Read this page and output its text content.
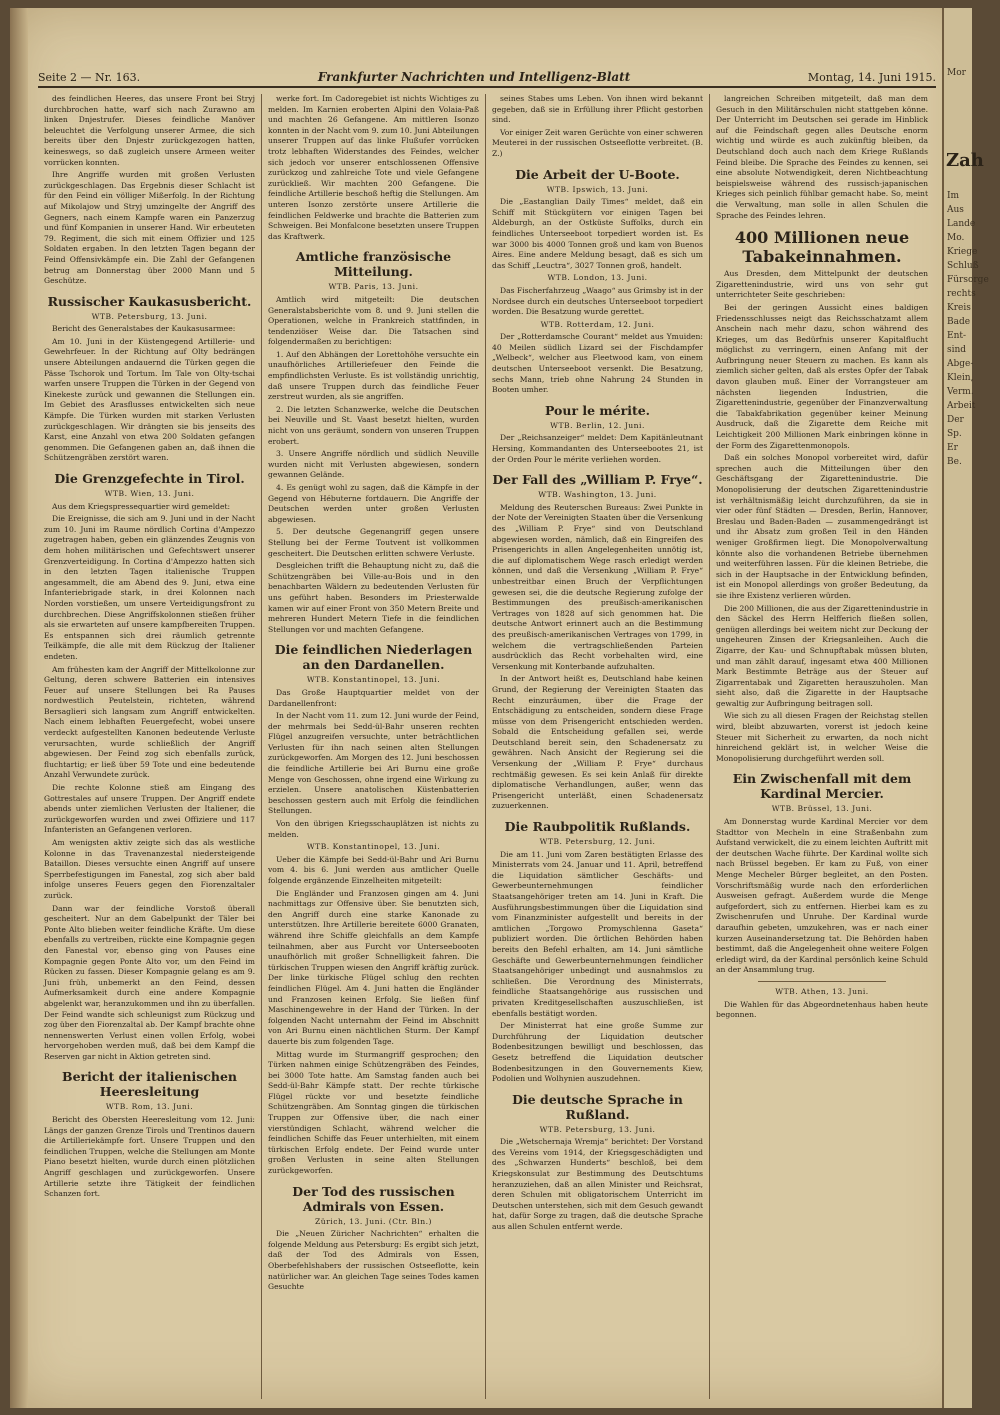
Seite 2 — Nr. 163.	Frankfurter Nachrichten und Intelligenz-Blatt	Montag, 14. Juni 1915.

des feindlichen Heeres, das unsere Front bei Stryj durchbrochen hatte, warf sich nach Zurawno am linken Dnjestrufer. Dieses feindliche Manöver beleuchtet die Verfolgung unserer Armee, die sich bereits über den Dnjestr zurückgezogen hatten, keineswegs, so daß zugleich unsere Armeen weiter vorrücken konnten.

Ihre Angriffe wurden mit großen Verlusten zurückgeschlagen. Das Ergebnis dieser Schlacht ist für den Feind ein völliger Mißerfolg. In der Richtung auf Mikolajow und Stryj umzingelte der Angriff des Gegners, nach einem Kampfe waren ein Panzerzug und fünf Kompanien in unserer Hand. Wir erbeuteten 79. Regiment, die sich mit einem Offizier und 125 Soldaten ergaben. In den letzten Tagen begann der Feind Offensivkämpfe ein. Die Zahl der Gefangenen betrug am Donnerstag über 2000 Mann und 5 Geschütze.

Russischer Kaukasusbericht.
WTB. Petersburg, 13. Juni.

Bericht des Generalstabes der Kaukasusarmee:

Am 10. Juni in der Küstengegend Artillerie- und Gewehrfeuer. In der Richtung auf Olty bedrängen unsere Abteilungen andauernd die Türken gegen die Pässe Tschorok und Tortum. Im Tale von Olty-tschai warfen unsere Truppen die Türken in der Gegend von Kinekeste zurück und gewannen die Stellungen ein. Im Gebiet des Arasflusses entwickelten sich neue Kämpfe. Die Türken wurden mit starken Verlusten zurückgeschlagen. Wir drängten sie bis jenseits des Karst, eine Anzahl von etwa 200 Soldaten gefangen genommen. Die Gefangenen gaben an, daß ihnen die Schützengräben zerstört waren.

Die Grenzgefechte in Tirol.
WTB. Wien, 13. Juni.

Aus dem Kriegspressequartier wird gemeldet:

Die Ereignisse, die sich am 9. Juni und in der Nacht zum 10. Juni im Raume nördlich Cortina d'Ampezzo zugetragen haben, geben ein glänzendes Zeugnis von dem hohen militärischen und Gefechtswert unserer Grenzverteidigung. In Cortina d'Ampezzo hatten sich in den letzten Tagen italienische Truppen angesammelt, die am Abend des 9. Juni, etwa eine Infanteriebrigade stark, in drei Kolonnen nach Norden vorstießen, um unsere Verteidigungsfront zu durchbrechen. Diese Angriffskolonnen stießen früher als sie erwarteten auf unsere kampfbereiten Truppen. Es entspannen sich drei räumlich getrennte Teilkämpfe, die alle mit dem Rückzug der Italiener endeten.

Am frühesten kam der Angriff der Mittelkolonne zur Geltung, deren schwere Batterien ein intensives Feuer auf unsere Stellungen bei Ra Pauses nordwestlich Peutelstein, richteten, während Bersaglieri sich langsam zum Angriff entwickelten. Nach einem lebhaften Feuergefecht, wobei unsere verdeckt aufgestellten Kanonen bedeutende Verluste verursachten, wurde schließlich der Angriff abgewiesen. Der Feind zog sich ebenfalls zurück, fluchtartig; er ließ über 59 Tote und eine bedeutende Anzahl Verwundete zurück.

Die rechte Kolonne stieß am Eingang des Gottrestales auf unsere Truppen. Der Angriff endete abends unter ziemlichen Verlusten der Italiener, die zurückgeworfen wurden und zwei Offiziere und 117 Infanteristen an Gefangenen verloren.

Am wenigsten aktiv zeigte sich das als westliche Kolonne in das Travenanzestal niedersteigende Bataillon. Dieses versuchte einen Angriff auf unsere Sperrbefestigungen im Fanestal, zog sich aber bald infolge unseres Feuers gegen den Fiorenzaltaler zurück.

Dann war der feindliche Vorstoß überall gescheitert. Nur an dem Gabelpunkt der Täler bei Ponte Alto blieben weiter feindliche Kräfte. Um diese ebenfalls zu vertreiben, rückte eine Kompagnie gegen den Fanestal vor, ebenso ging von Pauses eine Kompagnie gegen Ponte Alto vor, um den Feind im Rücken zu fassen. Dieser Kompagnie gelang es am 9. Juni früh, unbemerkt an den Feind, dessen Aufmerksamkeit durch eine andere Kompagnie abgelenkt war, heranzukommen und ihn zu überfallen. Der Feind wandte sich schleunigst zum Rückzug und zog über den Fiorenzaltal ab. Der Kampf brachte ohne nennenswerten Verlust einen vollen Erfolg, wobei hervorgehoben werden muß, daß bei dem Kampf die Reserven gar nicht in Aktion getreten sind.

Bericht der italienischen Heeresleitung
WTB. Rom, 13. Juni.

Bericht des Obersten Heeresleitung vom 12. Juni: Längs der ganzen Grenze Tirols und Trentinos dauern die Artilleriekämpfe fort. Unsere Truppen und den feindlichen Truppen, welche die Stellungen am Monte Piano besetzt hielten, wurde durch einen plötzlichen Angriff geschlagen und zurückgeworfen. Unsere Artillerie setzte ihre Tätigkeit der feindlichen Schanzen fort.

werke fort. Im Cadoregebiet ist nichts Wichtiges zu melden. Im Karnien eroberten Alpini den Volaia-Paß und machten 26 Gefangene. Am mittleren Isonzo konnten in der Nacht vom 9. zum 10. Juni Abteilungen unserer Truppen auf das linke Flußufer vorrücken trotz lebhaften Widerstandes des Feindes, welcher sich jedoch vor unserer entschlossenen Offensive zurückzog und zahlreiche Tote und viele Gefangene zurückließ. Wir machten 200 Gefangene. Die feindliche Artillerie beschoß heftig die Stellungen. Am unteren Isonzo zerstörte unsere Artillerie die feindlichen Feldwerke und brachte die Batterien zum Schweigen. Bei Monfalcone besetzten unsere Truppen das Kraftwerk.

Amtliche französische Mitteilung.
WTB. Paris, 13. Juni.

Amtlich wird mitgeteilt: Die deutschen Generalstabsberichte vom 8. und 9. Juni stellen die Operationen, welche in Frankreich stattfinden, in tendenziöser Weise dar. Die Tatsachen sind folgendermaßen zu berichtigen:

1. Auf den Abhängen der Lorettohöhe versuchte ein unaufhörliches Artilleriefeuer den Feinde die empfindlichsten Verluste. Es ist vollständig unrichtig, daß unsere Truppen durch das feindliche Feuer zerstreut wurden, als sie angriffen.

2. Die letzten Schanzwerke, welche die Deutschen bei Neuville und St. Vaast besetzt hielten, wurden nicht von uns geräumt, sondern von unseren Truppen erobert.

3. Unsere Angriffe nördlich und südlich Neuville wurden nicht mit Verlusten abgewiesen, sondern gewannen Gelände.

4. Es genügt wohl zu sagen, daß die Kämpfe in der Gegend von Hébuterne fortdauern. Die Angriffe der Deutschen werden unter großen Verlusten abgewiesen.

5. Der deutsche Gegenangriff gegen unsere Stellung bei der Ferme Toutvent ist vollkommen gescheitert. Die Deutschen erlitten schwere Verluste.

Desgleichen trifft die Behauptung nicht zu, daß die Schützengräben bei Ville-au-Bois und in den benachbarten Wäldern zu bedeutenden Verlusten für uns geführt haben. Besonders im Priesterwalde kamen wir auf einer Front von 350 Metern Breite und mehreren Hundert Metern Tiefe in die feindlichen Stellungen vor und machten Gefangene.

Die feindlichen Niederlagen an den Dardanellen.
WTB. Konstantinopel, 13. Juni.

Das Große Hauptquartier meldet von der Dardanellenfront:

In der Nacht vom 11. zum 12. Juni wurde der Feind, der mehrmals bei Sedd-ül-Bahr unseren rechten Flügel anzugreifen versuchte, unter beträchtlichen Verlusten für ihn nach seinen alten Stellungen zurückgeworfen. Am Morgen des 12. Juni beschossen die feindliche Artillerie bei Ari Burnu eine große Menge von Geschossen, ohne irgend eine Wirkung zu erzielen. Unsere anatolischen Küstenbatterien beschossen gestern auch mit Erfolg die feindlichen Stellungen.

Von den übrigen Kriegsschauplätzen ist nichts zu melden.

WTB. Konstantinopel, 13. Juni.

Ueber die Kämpfe bei Sedd-ül-Bahr und Ari Burnu vom 4. bis 6. Juni werden aus amtlicher Quelle folgende ergänzende Einzelheiten mitgeteilt:

Die Engländer und Franzosen gingen am 4. Juni nachmittags zur Offensive über. Sie benutzten sich, den Angriff durch eine starke Kanonade zu unterstützen. Ihre Artillerie bereitete 6000 Granaten, während ihre Schiffe gleichfalls an dem Kampfe teilnahmen, aber aus Furcht vor Unterseebooten unaufhörlich mit großer Schnelligkeit fahren. Die türkischen Truppen wiesen den Angriff kräftig zurück. Der linke türkische Flügel schlug den rechten feindlichen Flügel. Am 4. Juni hatten die Engländer und Franzosen keinen Erfolg. Sie ließen fünf Maschinengewehre in der Hand der Türken. In der folgenden Nacht unternahm der Feind im Abschnitt von Ari Burnu einen nächtlichen Sturm. Der Kampf dauerte bis zum folgenden Tage.

Mittag wurde im Sturmangriff gesprochen; den Türken nahmen einige Schützengräben des Feindes, bei 3000 Tote hatte. Am Samstag fanden auch bei Sedd-ül-Bahr Kämpfe statt. Der rechte türkische Flügel rückte vor und besetzte feindliche Schützengräben. Am Sonntag gingen die türkischen Truppen zur Offensive über, die nach einer vierstündigen Schlacht, während welcher die feindlichen Schiffe das Feuer unterhielten, mit einem türkischen Erfolg endete. Der Feind wurde unter großen Verlusten in seine alten Stellungen zurückgeworfen.

Der Tod des russischen Admirals von Essen.
Zürich, 13. Juni. (Ctr. Bln.)

Die „Neuen Züricher Nachrichten“ erhalten die folgende Meldung aus Petersburg: Es ergibt sich jetzt, daß der Tod des Admirals von Essen, Oberbefehlshabers der russischen Ostseeflotte, kein natürlicher war. An gleichen Tage seines Todes kamen Gesuchte

seines Stabes ums Leben. Von ihnen wird bekannt gegeben, daß sie in Erfüllung ihrer Pflicht gestorben sind.

Vor einiger Zeit waren Gerüchte von einer schweren Meuterei in der russischen Ostseeflotte verbreitet. (B. Z.)

Die Arbeit der U-Boote.
WTB. Ipswich, 13. Juni.

Die „Eastanglian Daily Times“ meldet, daß ein Schiff mit Stückgütern vor einigen Tagen bei Aldeburgh, an der Ostküste Suffolks, durch ein feindliches Unterseeboot torpediert worden ist. Es war 3000 bis 4000 Tonnen groß und kam von Buenos Aires. Eine andere Meldung besagt, daß es sich um das Schiff „Leuctra“, 3027 Tonnen groß, handelt.

WTB. London, 13. Juni.

Das Fischerfahrzeug „Waago“ aus Grimsby ist in der Nordsee durch ein deutsches Unterseeboot torpediert worden. Die Besatzung wurde gerettet.

WTB. Rotterdam, 12. Juni.

Der „Rotterdamsche Courant“ meldet aus Ymuiden: 40 Meilen südlich Lizard sei der Fischdampfer „Welbeck“, welcher aus Fleetwood kam, von einem deutschen Unterseeboot versenkt. Die Besatzung, sechs Mann, trieb ohne Nahrung 24 Stunden in Booten umher.

Pour le mérite.
WTB. Berlin, 12. Juni.

Der „Reichsanzeiger“ meldet: Dem Kapitänleutnant Hersing, Kommandanten des Unterseebootes 21, ist der Orden Pour le mérite verliehen worden.

Der Fall des „William P. Frye“.
WTB. Washington, 13. Juni.

Meldung des Reuterschen Bureaus: Zwei Punkte in der Note der Vereinigten Staaten über die Versenkung des „William P. Frye“ sind von Deutschland abgewiesen worden, nämlich, daß ein Eingreifen des Prisengerichts in allen Angelegenheiten unnötig ist, die auf diplomatischem Wege rasch erledigt werden können, und daß die Versenkung „William P. Frye“ unbestreitbar einen Bruch der Verpflichtungen gewesen sei, die die deutsche Regierung zufolge der Bestimmungen des preußisch-amerikanischen Vertrages von 1828 auf sich genommen hat. Die deutsche Antwort erinnert auch an die Bestimmung des preußisch-amerikanischen Vertrages von 1799, in welchem die vertragschließenden Parteien ausdrücklich das Recht vorbehalten wird, eine Versenkung mit Konterbande aufzuhalten.

In der Antwort heißt es, Deutschland habe keinen Grund, der Regierung der Vereinigten Staaten das Recht einzuräumen, über die Frage der Entschädigung zu entscheiden, sondern diese Frage müsse von dem Prisengericht entschieden werden. Sobald die Entscheidung gefallen sei, werde Deutschland bereit sein, den Schadenersatz zu gewähren. Nach Ansicht der Regierung sei die Versenkung der „William P. Frye“ durchaus rechtmäßig gewesen. Es sei kein Anlaß für direkte diplomatische Verhandlungen, außer, wenn das Prisengericht unterläßt, einen Schadenersatz zuzuerkennen.

Die Raubpolitik Rußlands.
WTB. Petersburg, 12. Juni.

Die am 11. Juni vom Zaren bestätigten Erlasse des Ministerrats vom 24. Januar und 11. April, betreffend die Liquidation sämtlicher Geschäfts- und Gewerbeunternehmungen feindlicher Staatsangehöriger treten am 14. Juni in Kraft. Die Ausführungsbestimmungen über die Liquidation sind vom Finanzminister aufgestellt und bereits in der amtlichen „Torgowo Promyschlenna Gaseta“ publiziert worden. Die örtlichen Behörden haben bereits den Befehl erhalten, am 14. Juni sämtliche Geschäfte und Gewerbeunternehmungen feindlicher Staatsangehöriger unbedingt und ausnahmslos zu schließen. Die Verordnung des Ministerrats, feindliche Staatsangehörige aus russischen und privaten Kreditgesellschaften auszuschließen, ist ebenfalls bestätigt worden.

Der Ministerrat hat eine große Summe zur Durchführung der Liquidation deutscher Bodenbesitzungen bewilligt und beschlossen, das Gesetz betreffend die Liquidation deutscher Bodenbesitzungen in den Gouvernements Kiew, Podolien und Wolhynien auszudehnen.

Die deutsche Sprache in Rußland.
WTB. Petersburg, 13. Juni.

Die „Wetschernaja Wremja“ berichtet: Der Vorstand des Vereins vom 1914, der Kriegsgeschädigten und des „Schwarzen Hunderts“ beschloß, bei dem Kriegskonsulat zur Bestimmung des Deutschtums heranzuziehen, daß an allen Minister und Reichsrat, deren Schulen mit obligatorischem Unterricht im Deutschen unterstehen, sich mit dem Gesuch gewandt hat, dafür Sorge zu tragen, daß die deutsche Sprache aus allen Schulen entfernt werde.

langreichen Schreiben mitgeteilt, daß man dem Gesuch in den Militärschulen nicht stattgeben könne. Der Unterricht im Deutschen sei gerade im Hinblick auf die Feindschaft gegen alles Deutsche enorm wichtig und würde es auch zukünftig bleiben, da Deutschland doch auch nach dem Kriege Rußlands Feind bleibe. Die Sprache des Feindes zu kennen, sei eine absolute Notwendigkeit, deren Nichtbeachtung beispielsweise während des russisch-japanischen Krieges sich peinlich fühlbar gemacht habe. So, meint die Verwaltung, man solle in allen Schulen die Sprache des Feindes lehren.

400 Millionen neue Tabakeinnahmen.

Aus Dresden, dem Mittelpunkt der deutschen Zigarettenindustrie, wird uns von sehr gut unterrichteter Seite geschrieben:

Bei der geringen Aussicht eines baldigen Friedensschlusses neigt das Reichsschatzamt allem Anschein nach mehr dazu, schon während des Krieges, um das Bedürfnis unserer Kapitalflucht möglichst zu verringern, einen Anfang mit der Aufbringung neuer Steuern zu machen. Es kann als ziemlich sicher gelten, daß als erstes Opfer der Tabak davon glauben muß. Einer der Vorrangsteuer am nächsten liegenden Industrien, die Zigarettenindustrie, gegenüber der Finanzverwaltung die Tabakfabrikation gegenüber keiner Meinung Ausdruck, daß die Zigarette dem Reiche mit Leichtigkeit 200 Millionen Mark einbringen könne in der Form des Zigarettenmonopols.

Daß ein solches Monopol vorbereitet wird, dafür sprechen auch die Mitteilungen über den Geschäftsgang der Zigarettenindustrie. Die Monopolisierung der deutschen Zigarettenindustrie ist verhältnismäßig leicht durchzuführen, da sie in vier oder fünf Städten — Dresden, Berlin, Hannover, Breslau und Baden-Baden — zusammengedrängt ist und ihr Absatz zum großen Teil in den Händen weniger Großfirmen liegt. Die Monopolverwaltung könnte also die vorhandenen Betriebe übernehmen und weiterführen lassen. Für die kleinen Betriebe, die sich in der Hauptsache in der Entwicklung befinden, ist ein Monopol allerdings von großer Bedeutung, da sie ihre Existenz verlieren würden.

Die 200 Millionen, die aus der Zigarettenindustrie in den Säckel des Herrn Helfferich fließen sollen, genügen allerdings bei weitem nicht zur Deckung der ungeheuren Zinsen der Kriegsanleihen. Auch die Zigarre, der Kau- und Schnupftabak müssen bluten, und man zählt darauf, ingesamt etwa 400 Millionen Mark Bestimmte Beträge aus der Steuer auf Zigarrentabak und Zigaretten herauszuholen. Man sieht also, daß die Zigarette in der Hauptsache gewaltig zur Aufbringung beitragen soll.

Wie sich zu all diesen Fragen der Reichstag stellen wird, bleibt abzuwarten, vorerst ist jedoch keine Steuer mit Sicherheit zu erwarten, da noch nicht hinreichend geklärt ist, in welcher Weise die Monopolisierung durchgeführt werden soll.

Ein Zwischenfall mit dem Kardinal Mercier.
WTB. Brüssel, 13. Juni.

Am Donnerstag wurde Kardinal Mercier vor dem Stadttor von Mecheln in eine Straßenbahn zum Aufstand verwickelt, die zu einem leichten Auftritt mit der deutschen Wache führte. Der Kardinal wollte sich nach Brüssel begeben. Er kam zu Fuß, von einer Menge Mecheler Bürger begleitet, an den Posten. Vorschriftsmäßig wurde nach den erforderlichen Ausweisen gefragt. Außerdem wurde die Menge aufgefordert, sich zu entfernen. Hierbei kam es zu Zwischenrufen und Unruhe. Der Kardinal wurde daraufhin gebeten, umzukehren, was er nach einer kurzen Auseinandersetzung tat. Die Behörden haben bestimmt, daß die Angelegenheit ohne weitere Folgen erledigt wird, da der Kardinal persönlich keine Schuld an der Ansammlung trug.

WTB. Athen, 13. Juni.

Die Wahlen für das Abgeordnetenhaus haben heute begonnen.

Mor
Zah
Im
Aus
Lande
Mo.
Kriege
Schluß
Fürsorge
rechts
Kreis
Bade
Ent-
sind
Abge-
Klein,
Verm.
Arbeit
Der
Sp.
Er
Be.
